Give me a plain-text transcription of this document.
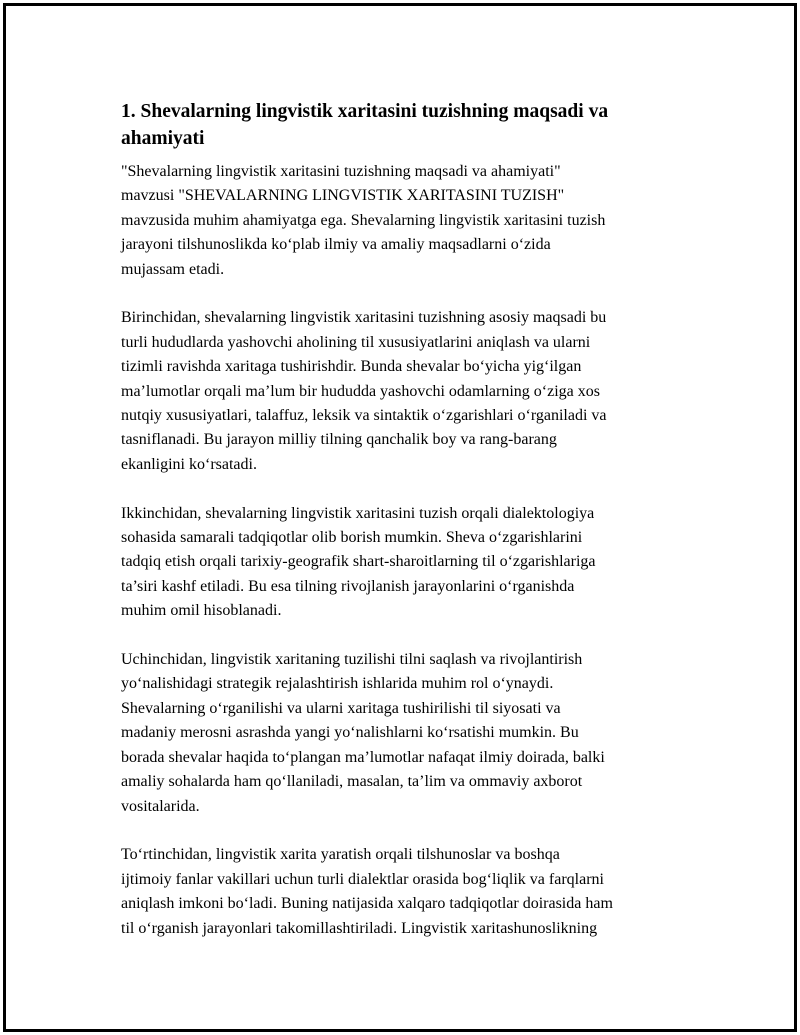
1. Shevalarning lingvistik xaritasini tuzishning maqsadi va ahamiyati

"Shevalarning lingvistik xaritasini tuzishning maqsadi va ahamiyati"
mavzusi "SHEVALARNING LINGVISTIK XARITASINI TUZISH"
mavzusida muhim ahamiyatga ega. Shevalarning lingvistik xaritasini tuzish
jarayoni tilshunoslikda ko‘plab ilmiy va amaliy maqsadlarni o‘zida
mujassam etadi.

Birinchidan, shevalarning lingvistik xaritasini tuzishning asosiy maqsadi bu
turli hududlarda yashovchi aholining til xususiyatlarini aniqlash va ularni
tizimli ravishda xaritaga tushirishdir. Bunda shevalar bo‘yicha yig‘ilgan
ma’lumotlar orqali ma’lum bir hududda yashovchi odamlarning o‘ziga xos
nutqiy xususiyatlari, talaffuz, leksik va sintaktik o‘zgarishlari o‘rganiladi va
tasniflanadi. Bu jarayon milliy tilning qanchalik boy va rang-barang
ekanligini ko‘rsatadi.

Ikkinchidan, shevalarning lingvistik xaritasini tuzish orqali dialektologiya
sohasida samarali tadqiqotlar olib borish mumkin. Sheva o‘zgarishlarini
tadqiq etish orqali tarixiy-geografik shart-sharoitlarning til o‘zgarishlariga
ta’siri kashf etiladi. Bu esa tilning rivojlanish jarayonlarini o‘rganishda
muhim omil hisoblanadi.

Uchinchidan, lingvistik xaritaning tuzilishi tilni saqlash va rivojlantirish
yo‘nalishidagi strategik rejalashtirish ishlarida muhim rol o‘ynaydi.
Shevalarning o‘rganilishi va ularni xaritaga tushirilishi til siyosati va
madaniy merosni asrashda yangi yo‘nalishlarni ko‘rsatishi mumkin. Bu
borada shevalar haqida to‘plangan ma’lumotlar nafaqat ilmiy doirada, balki
amaliy sohalarda ham qo‘llaniladi, masalan, ta’lim va ommaviy axborot
vositalarida.

To‘rtinchidan, lingvistik xarita yaratish orqali tilshunoslar va boshqa
ijtimoiy fanlar vakillari uchun turli dialektlar orasida bog‘liqlik va farqlarni
aniqlash imkoni bo‘ladi. Buning natijasida xalqaro tadqiqotlar doirasida ham
til o‘rganish jarayonlari takomillashtiriladi. Lingvistik xaritashunoslikning
